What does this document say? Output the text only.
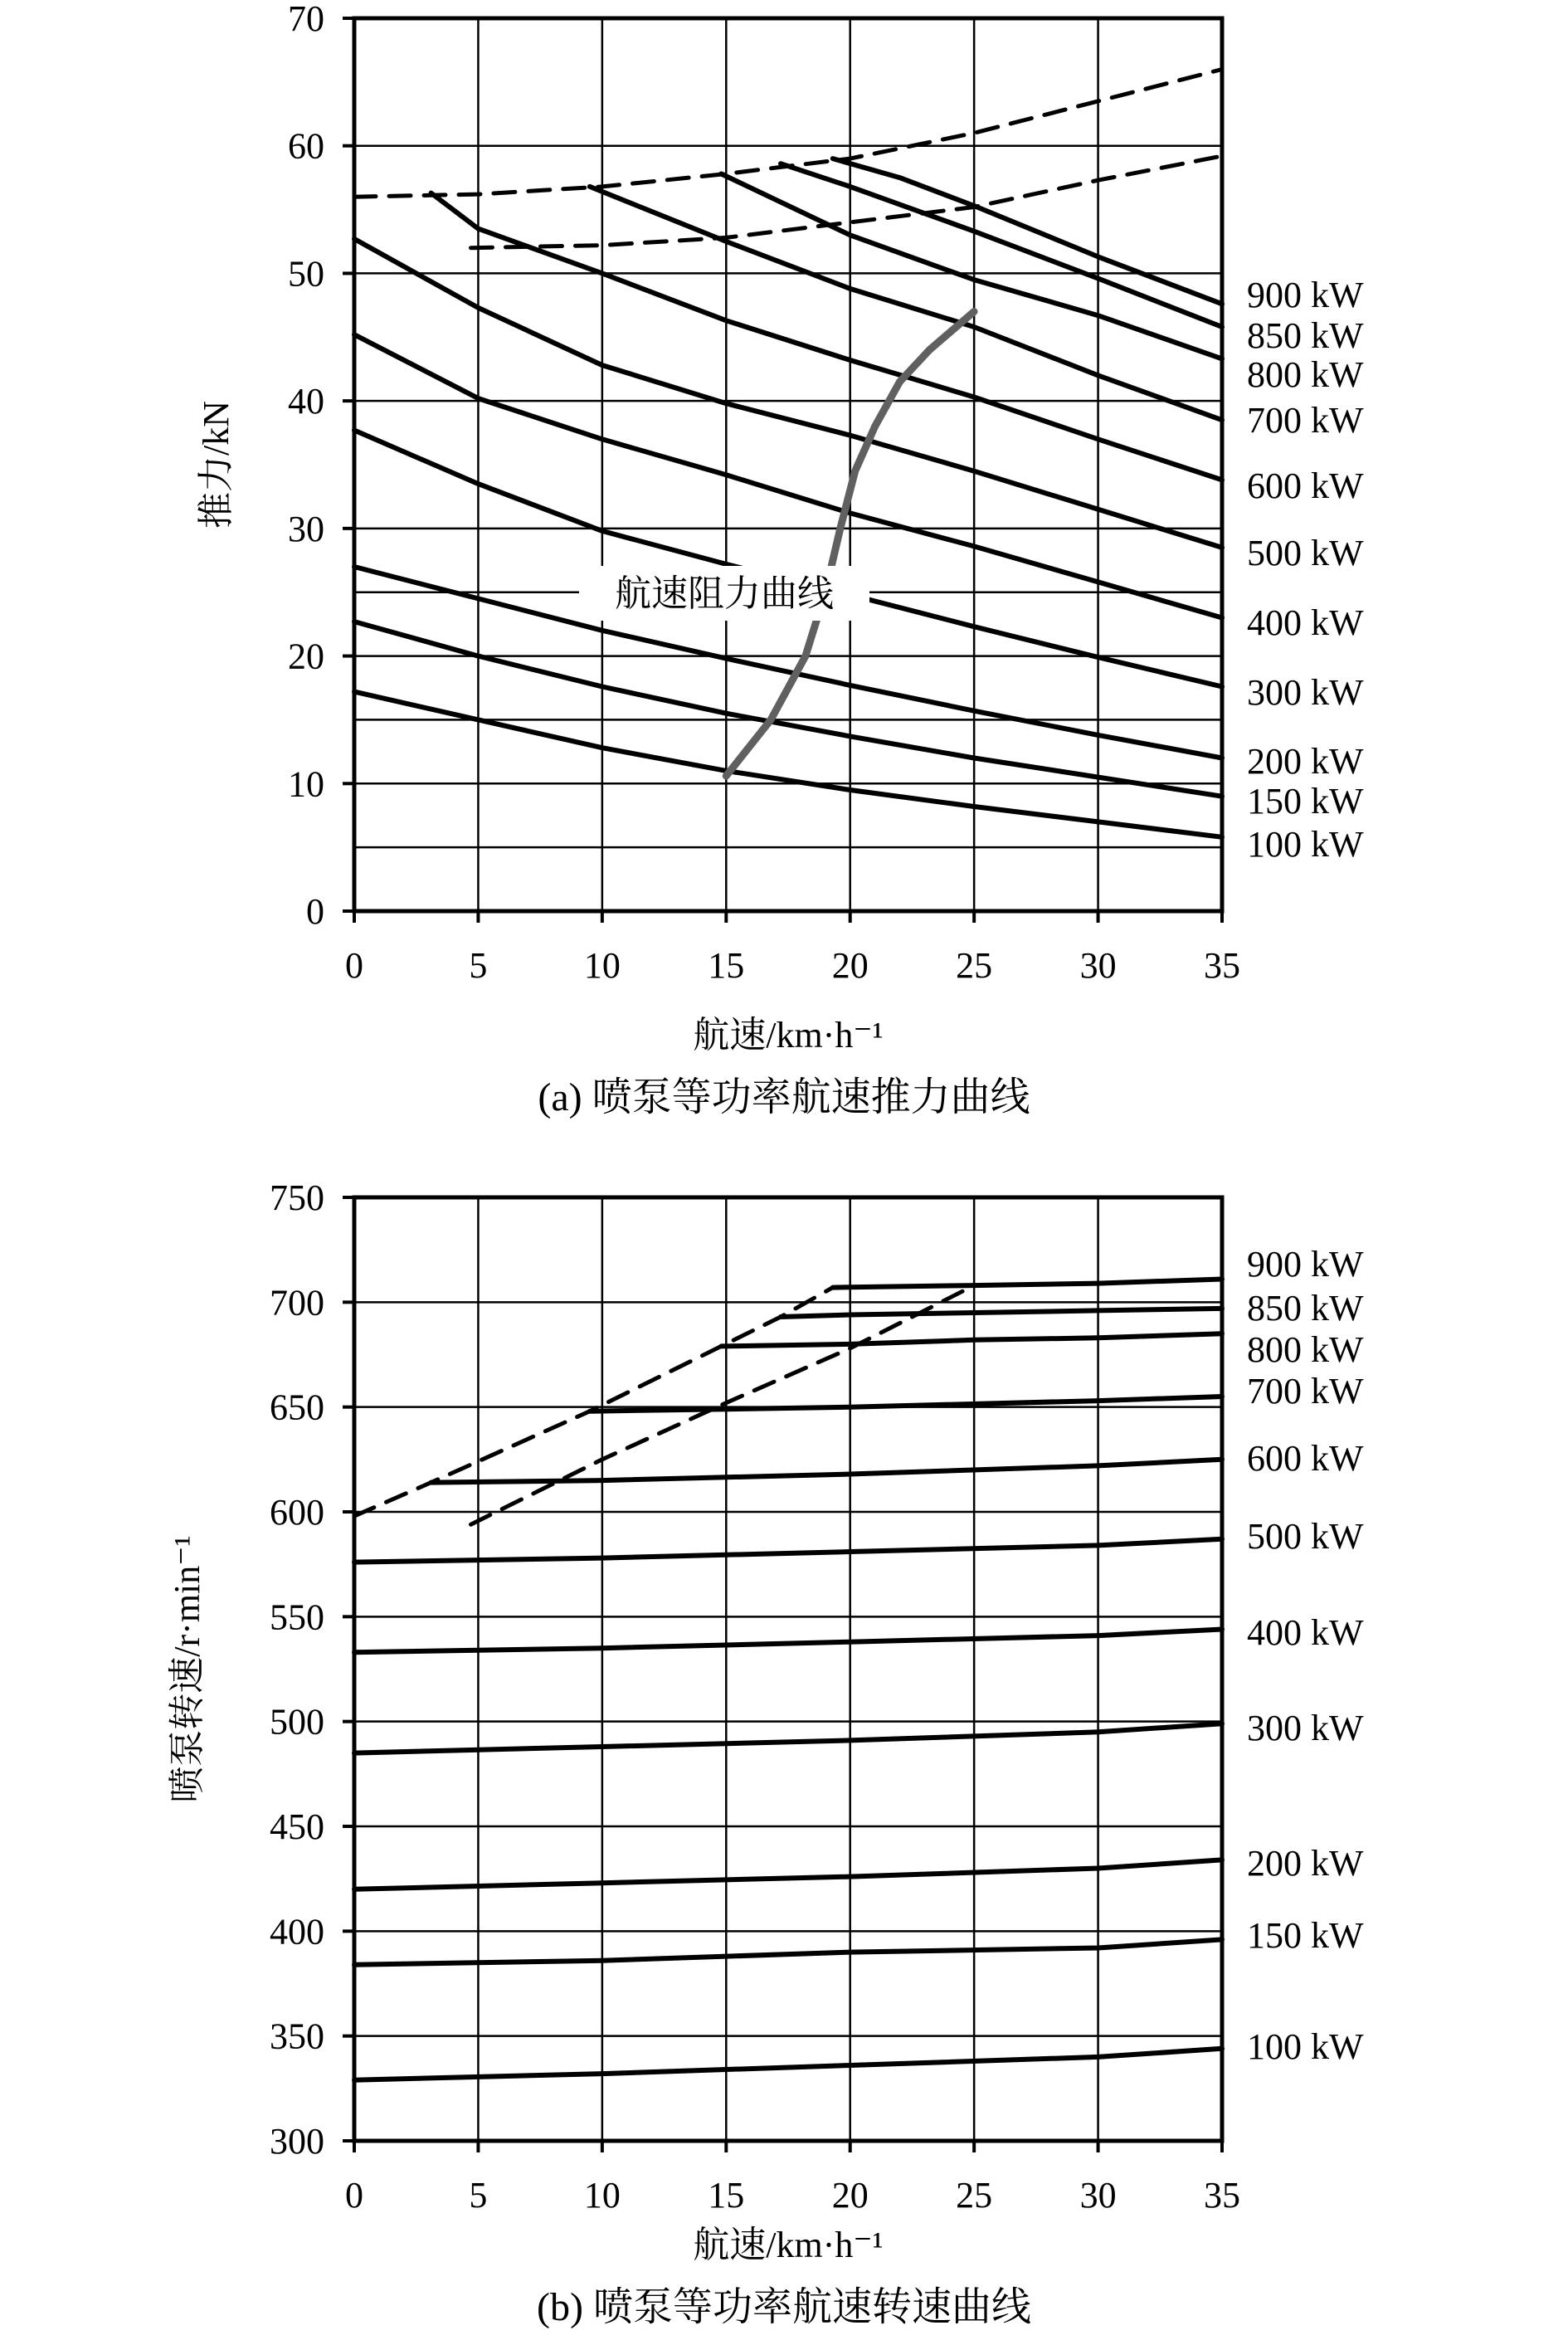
0	5	10 15 20 25 30 35
0
10
20
30
40
50
60
70
100 kW
150 kW
200 kW
300 kW
400 kW
500 kW
600 kW
700 kW
800 kW
850 kW
900 kW
航速/km·h⁻¹
推力/kN
(a) 喷泵等功率航速推力曲线
航速阻力曲线
0	5	10 15 20 25 30 35
300
350
400
450
500
550
600
650
700
750
100 kW
150 kW
200 kW
300 kW
400 kW
500 kW
600 kW
700 kW
800 kW
850 kW
900 kW
航速/km·h⁻¹
喷泵转速/r·min⁻¹
(b) 喷泵等功率航速转速曲线
